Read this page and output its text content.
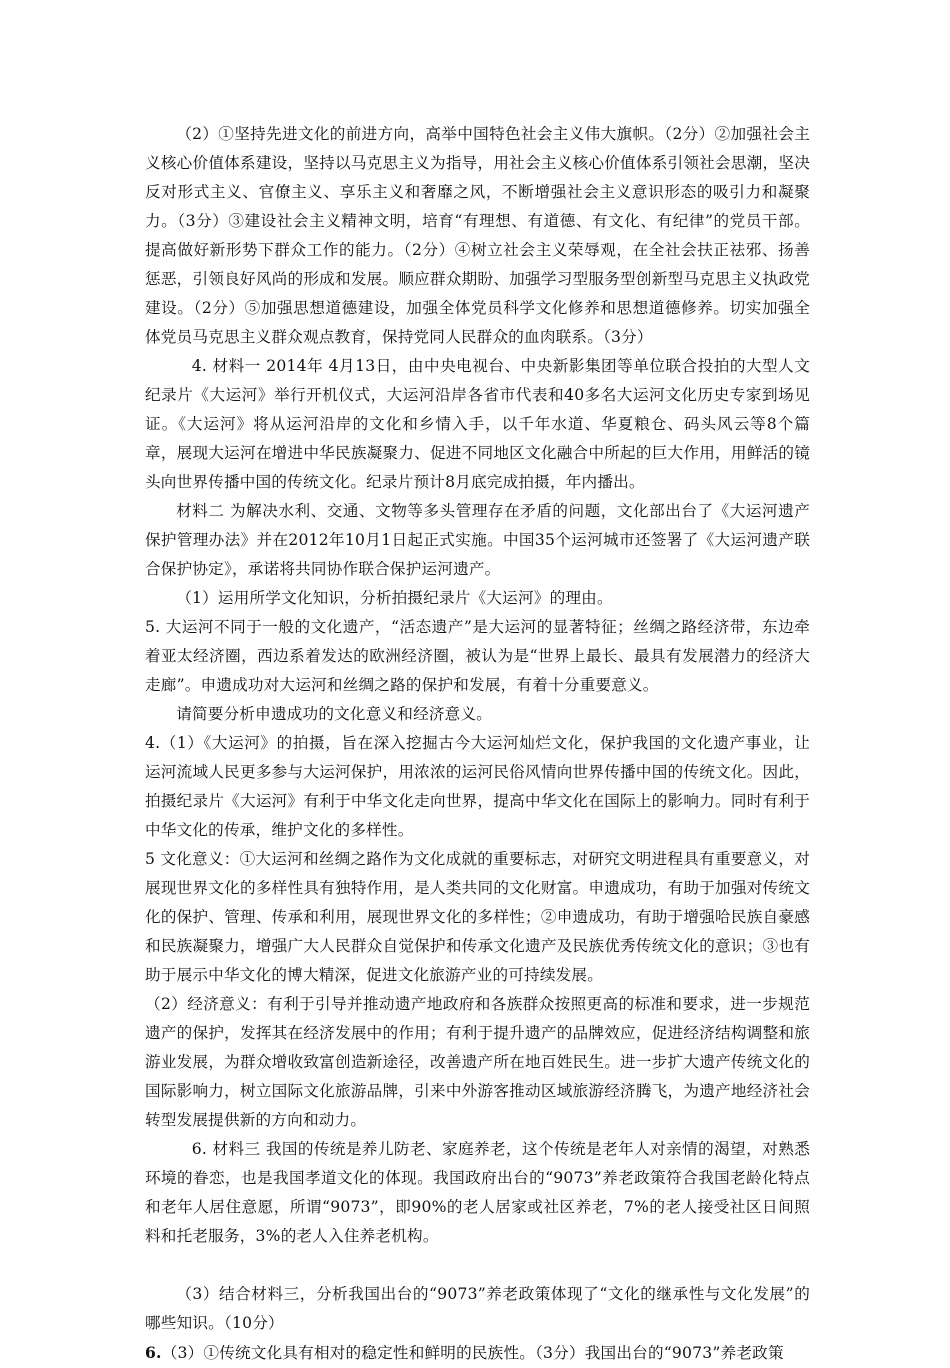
（2）①坚持先进文化的前进方向，高举中国特色社会主义伟大旗帜。（2分）②加强社会主义核心价值体系建设，坚持以马克思主义为指导，用社会主义核心价值体系引领社会思潮，坚决反对形式主义、官僚主义、享乐主义和奢靡之风，不断增强社会主义意识形态的吸引力和凝聚力。（3分）③建设社会主义精神文明，培育“有理想、有道德、有文化、有纪律”的党员干部。提高做好新形势下群众工作的能力。（2分）④树立社会主义荣辱观，在全社会扶正祛邪、扬善惩恶，引领良好风尚的形成和发展。顺应群众期盼、加强学习型服务型创新型马克思主义执政党建设。（2分）⑤加强思想道德建设，加强全体党员科学文化修养和思想道德修养。切实加强全体党员马克思主义群众观点教育，保持党同人民群众的血肉联系。（3分）

4. 材料一 2014年 4月13日，由中央电视台、中央新影集团等单位联合投拍的大型人文纪录片《大运河》举行开机仪式，大运河沿岸各省市代表和40多名大运河文化历史专家到场见证。《大运河》将从运河沿岸的文化和乡情入手，以千年水道、华夏粮仓、码头风云等8个篇章，展现大运河在增进中华民族凝聚力、促进不同地区文化融合中所起的巨大作用，用鲜活的镜头向世界传播中国的传统文化。纪录片预计8月底完成拍摄，年内播出。

材料二 为解决水利、交通、文物等多头管理存在矛盾的问题，文化部出台了《大运河遗产保护管理办法》并在2012年10月1日起正式实施。中国35个运河城市还签署了《大运河遗产联合保护协定》，承诺将共同协作联合保护运河遗产。

（1）运用所学文化知识，分析拍摄纪录片《大运河》的理由。

5. 大运河不同于一般的文化遗产，“活态遗产”是大运河的显著特征；丝绸之路经济带，东边牵着亚太经济圈，西边系着发达的欧洲经济圈，被认为是“世界上最长、最具有发展潜力的经济大走廊”。申遗成功对大运河和丝绸之路的保护和发展，有着十分重要意义。

请简要分析申遗成功的文化意义和经济意义。

4.（1）《大运河》的拍摄，旨在深入挖掘古今大运河灿烂文化，保护我国的文化遗产事业，让运河流域人民更多参与大运河保护，用浓浓的运河民俗风情向世界传播中国的传统文化。因此，拍摄纪录片《大运河》有利于中华文化走向世界，提高中华文化在国际上的影响力。同时有利于中华文化的传承，维护文化的多样性。

5 文化意义：①大运河和丝绸之路作为文化成就的重要标志，对研究文明进程具有重要意义，对展现世界文化的多样性具有独特作用，是人类共同的文化财富。申遗成功，有助于加强对传统文化的保护、管理、传承和利用，展现世界文化的多样性；②申遗成功，有助于增强哈民族自豪感和民族凝聚力，增强广大人民群众自觉保护和传承文化遗产及民族优秀传统文化的意识；③也有助于展示中华文化的博大精深，促进文化旅游产业的可持续发展。

（2）经济意义：有利于引导并推动遗产地政府和各族群众按照更高的标准和要求，进一步规范遗产的保护，发挥其在经济发展中的作用；有利于提升遗产的品牌效应，促进经济结构调整和旅游业发展，为群众增收致富创造新途径，改善遗产所在地百姓民生。进一步扩大遗产传统文化的国际影响力，树立国际文化旅游品牌，引来中外游客推动区域旅游经济腾飞，为遗产地经济社会转型发展提供新的方向和动力。

6. 材料三 我国的传统是养儿防老、家庭养老，这个传统是老年人对亲情的渴望，对熟悉环境的眷恋，也是我国孝道文化的体现。我国政府出台的“9073”养老政策符合我国老龄化特点和老年人居住意愿，所谓“9073”，即90%的老人居家或社区养老，7%的老人接受社区日间照料和托老服务，3%的老人入住养老机构。

（3）结合材料三，分析我国出台的“9073”养老政策体现了“文化的继承性与文化发展”的哪些知识。（10分）

6.（3）①传统文化具有相对的稳定性和鲜明的民族性。（3分）我国出台的“9073”养老政策
